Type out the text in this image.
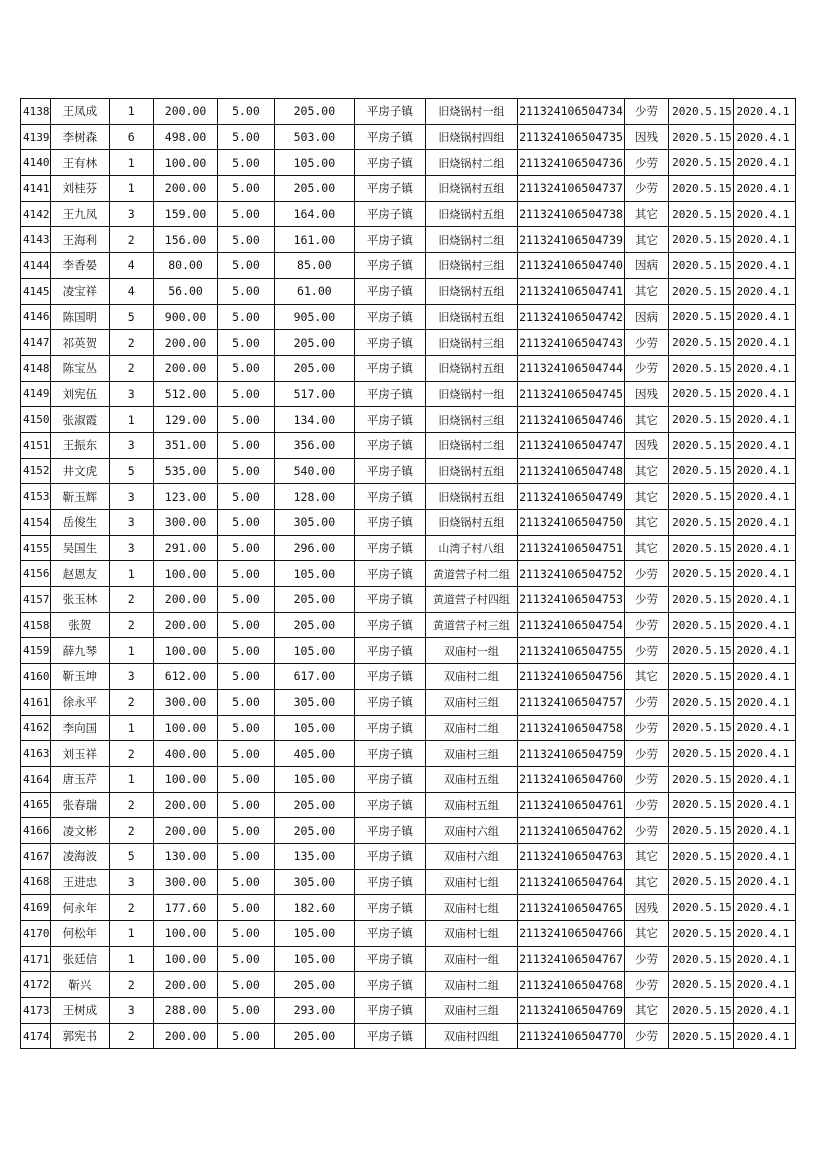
4138	王凤成	1	200.00	5.00	205.00	平房子镇	旧烧锅村一组	211324106504734	少劳	2020.5.15	2020.4.1
4139	李树森	6	498.00	5.00	503.00	平房子镇	旧烧锅村四组	211324106504735	因残	2020.5.15	2020.4.1
4140	王有林	1	100.00	5.00	105.00	平房子镇	旧烧锅村二组	211324106504736	少劳	2020.5.15	2020.4.1
4141	刘桂芬	1	200.00	5.00	205.00	平房子镇	旧烧锅村五组	211324106504737	少劳	2020.5.15	2020.4.1
4142	王九凤	3	159.00	5.00	164.00	平房子镇	旧烧锅村五组	211324106504738	其它	2020.5.15	2020.4.1
4143	王海利	2	156.00	5.00	161.00	平房子镇	旧烧锅村二组	211324106504739	其它	2020.5.15	2020.4.1
4144	李香晏	4	80.00	5.00	85.00	平房子镇	旧烧锅村三组	211324106504740	因病	2020.5.15	2020.4.1
4145	凌宝祥	4	56.00	5.00	61.00	平房子镇	旧烧锅村五组	211324106504741	其它	2020.5.15	2020.4.1
4146	陈国明	5	900.00	5.00	905.00	平房子镇	旧烧锅村五组	211324106504742	因病	2020.5.15	2020.4.1
4147	祁英贺	2	200.00	5.00	205.00	平房子镇	旧烧锅村三组	211324106504743	少劳	2020.5.15	2020.4.1
4148	陈宝丛	2	200.00	5.00	205.00	平房子镇	旧烧锅村五组	211324106504744	少劳	2020.5.15	2020.4.1
4149	刘宪伍	3	512.00	5.00	517.00	平房子镇	旧烧锅村一组	211324106504745	因残	2020.5.15	2020.4.1
4150	张淑霞	1	129.00	5.00	134.00	平房子镇	旧烧锅村三组	211324106504746	其它	2020.5.15	2020.4.1
4151	王振东	3	351.00	5.00	356.00	平房子镇	旧烧锅村二组	211324106504747	因残	2020.5.15	2020.4.1
4152	井文虎	5	535.00	5.00	540.00	平房子镇	旧烧锅村五组	211324106504748	其它	2020.5.15	2020.4.1
4153	靳玉辉	3	123.00	5.00	128.00	平房子镇	旧烧锅村五组	211324106504749	其它	2020.5.15	2020.4.1
4154	岳俊生	3	300.00	5.00	305.00	平房子镇	旧烧锅村五组	211324106504750	其它	2020.5.15	2020.4.1
4155	吴国生	3	291.00	5.00	296.00	平房子镇	山湾子村八组	211324106504751	其它	2020.5.15	2020.4.1
4156	赵恩友	1	100.00	5.00	105.00	平房子镇	黄道营子村二组	211324106504752	少劳	2020.5.15	2020.4.1
4157	张玉林	2	200.00	5.00	205.00	平房子镇	黄道营子村四组	211324106504753	少劳	2020.5.15	2020.4.1
4158	张贺	2	200.00	5.00	205.00	平房子镇	黄道营子村三组	211324106504754	少劳	2020.5.15	2020.4.1
4159	薛九琴	1	100.00	5.00	105.00	平房子镇	双庙村一组	211324106504755	少劳	2020.5.15	2020.4.1
4160	靳玉坤	3	612.00	5.00	617.00	平房子镇	双庙村二组	211324106504756	其它	2020.5.15	2020.4.1
4161	徐永平	2	300.00	5.00	305.00	平房子镇	双庙村三组	211324106504757	少劳	2020.5.15	2020.4.1
4162	李向国	1	100.00	5.00	105.00	平房子镇	双庙村二组	211324106504758	少劳	2020.5.15	2020.4.1
4163	刘玉祥	2	400.00	5.00	405.00	平房子镇	双庙村三组	211324106504759	少劳	2020.5.15	2020.4.1
4164	唐玉芹	1	100.00	5.00	105.00	平房子镇	双庙村五组	211324106504760	少劳	2020.5.15	2020.4.1
4165	张春瑞	2	200.00	5.00	205.00	平房子镇	双庙村五组	211324106504761	少劳	2020.5.15	2020.4.1
4166	凌文彬	2	200.00	5.00	205.00	平房子镇	双庙村六组	211324106504762	少劳	2020.5.15	2020.4.1
4167	凌海波	5	130.00	5.00	135.00	平房子镇	双庙村六组	211324106504763	其它	2020.5.15	2020.4.1
4168	王进忠	3	300.00	5.00	305.00	平房子镇	双庙村七组	211324106504764	其它	2020.5.15	2020.4.1
4169	何永年	2	177.60	5.00	182.60	平房子镇	双庙村七组	211324106504765	因残	2020.5.15	2020.4.1
4170	何松年	1	100.00	5.00	105.00	平房子镇	双庙村七组	211324106504766	其它	2020.5.15	2020.4.1
4171	张廷信	1	100.00	5.00	105.00	平房子镇	双庙村一组	211324106504767	少劳	2020.5.15	2020.4.1
4172	靳兴	2	200.00	5.00	205.00	平房子镇	双庙村二组	211324106504768	少劳	2020.5.15	2020.4.1
4173	王树成	3	288.00	5.00	293.00	平房子镇	双庙村三组	211324106504769	其它	2020.5.15	2020.4.1
4174	郭宪书	2	200.00	5.00	205.00	平房子镇	双庙村四组	211324106504770	少劳	2020.5.15	2020.4.1
